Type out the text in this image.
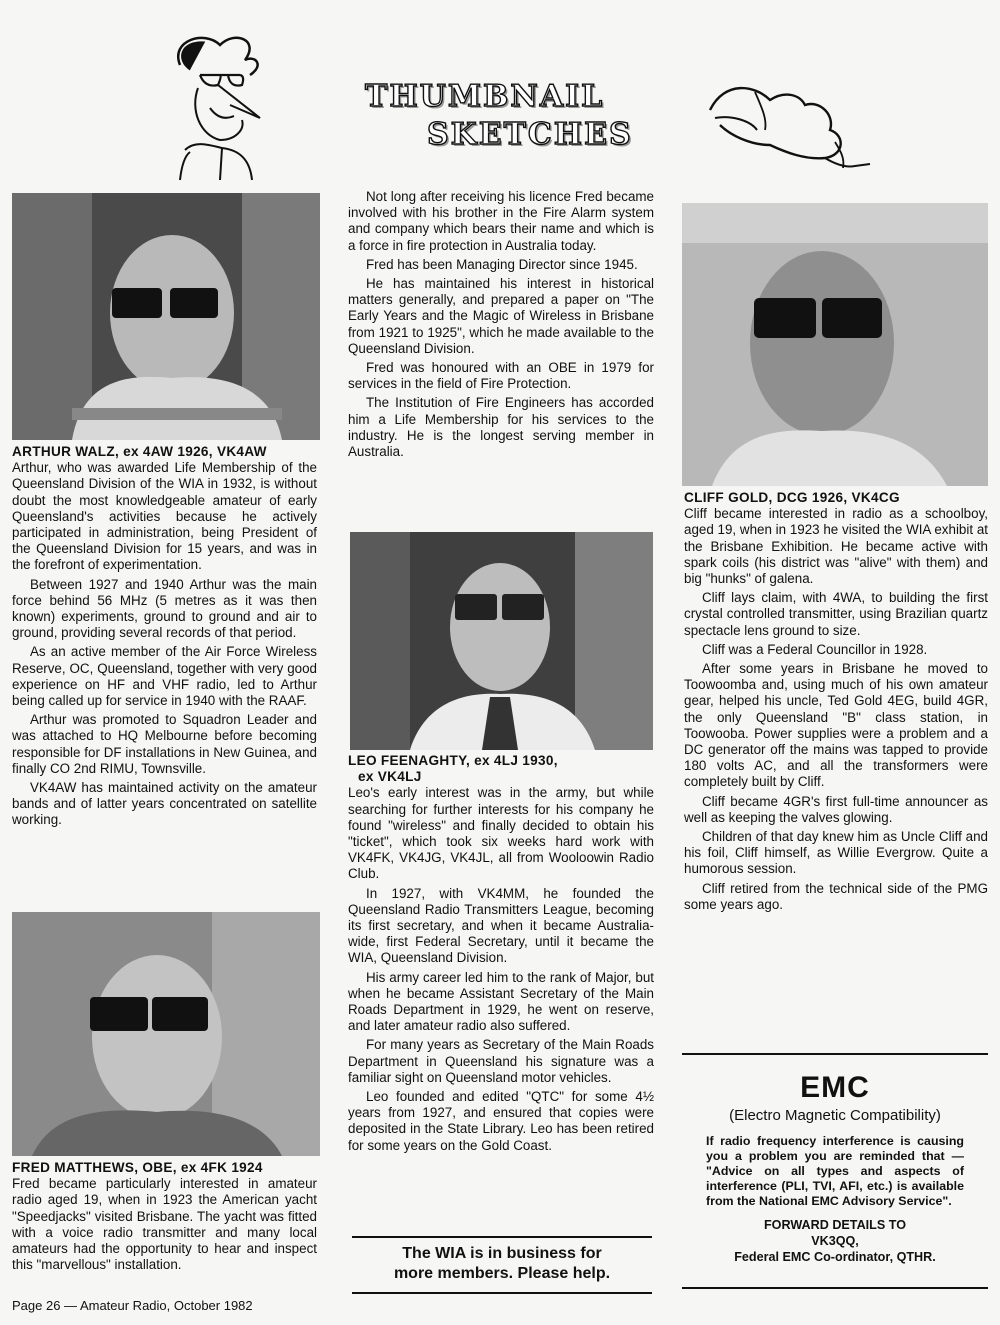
THUMBNAIL
SKETCHES

ARTHUR WALZ, ex 4AW 1926, VK4AW

Arthur, who was awarded Life Membership of the Queensland Division of the WIA in 1932, is without doubt the most knowledgeable amateur of early Queensland's activities because he actively participated in administration, being President of the Queensland Division for 15 years, and was in the forefront of experimentation.

Between 1927 and 1940 Arthur was the main force behind 56 MHz (5 metres as it was then known) experiments, ground to ground and air to ground, providing several records of that period.

As an active member of the Air Force Wireless Reserve, OC, Queensland, together with very good experience on HF and VHF radio, led to Arthur being called up for service in 1940 with the RAAF.

Arthur was promoted to Squadron Leader and was attached to HQ Melbourne before becoming responsible for DF installations in New Guinea, and finally CO 2nd RIMU, Townsville.

VK4AW has maintained activity on the amateur bands and of latter years concentrated on satellite working.

FRED MATTHEWS, OBE, ex 4FK 1924

Fred became particularly interested in amateur radio aged 19, when in 1923 the American yacht "Speedjacks" visited Brisbane. The yacht was fitted with a voice radio transmitter and many local amateurs had the opportunity to hear and inspect this "marvellous" installation.

Not long after receiving his licence Fred became involved with his brother in the Fire Alarm system and company which bears their name and which is a force in fire protection in Australia today.

Fred has been Managing Director since 1945.

He has maintained his interest in historical matters generally, and prepared a paper on "The Early Years and the Magic of Wireless in Brisbane from 1921 to 1925", which he made available to the Queensland Division.

Fred was honoured with an OBE in 1979 for services in the field of Fire Protection.

The Institution of Fire Engineers has accorded him a Life Membership for his services to the industry. He is the longest serving member in Australia.

LEO FEENAGHTY, ex 4LJ 1930,

ex VK4LJ

Leo's early interest was in the army, but while searching for further interests for his company he found "wireless" and finally decided to obtain his "ticket", which took six weeks hard work with VK4FK, VK4JG, VK4JL, all from Wooloowin Radio Club.

In 1927, with VK4MM, he founded the Queensland Radio Transmitters League, becoming its first secretary, and when it became Australia-wide, first Federal Secretary, until it became the WIA, Queensland Division.

His army career led him to the rank of Major, but when he became Assistant Secretary of the Main Roads Department in 1929, he went on reserve, and later amateur radio also suffered.

For many years as Secretary of the Main Roads Department in Queensland his signature was a familiar sight on Queensland motor vehicles.

Leo founded and edited "QTC" for some 4½ years from 1927, and ensured that copies were deposited in the State Library. Leo has been retired for some years on the Gold Coast.

The WIA is in business for
more members. Please help.

CLIFF GOLD, DCG 1926, VK4CG

Cliff became interested in radio as a schoolboy, aged 19, when in 1923 he visited the WIA exhibit at the Brisbane Exhibition. He became active with spark coils (his district was "alive" with them) and big "hunks" of galena.

Cliff lays claim, with 4WA, to building the first crystal controlled transmitter, using Brazilian quartz spectacle lens ground to size.

Cliff was a Federal Councillor in 1928.

After some years in Brisbane he moved to Toowoomba and, using much of his own amateur gear, helped his uncle, Ted Gold 4EG, build 4GR, the only Queensland "B" class station, in Toowooba. Power supplies were a problem and a DC generator off the mains was tapped to provide 180 volts AC, and all the transformers were completely built by Cliff.

Cliff became 4GR's first full-time announcer as well as keeping the valves glowing.

Children of that day knew him as Uncle Cliff and his foil, Cliff himself, as Willie Evergrow. Quite a humorous session.

Cliff retired from the technical side of the PMG some years ago.

EMC
(Electro Magnetic Compatibility)
If radio frequency interference is causing you a problem you are reminded that — "Advice on all types and aspects of interference (PLI, TVI, AFI, etc.) is available from the National EMC Advisory Service".
FORWARD DETAILS TO
VK3QQ,
Federal EMC Co-ordinator, QTHR.
Page 26 — Amateur Radio, October 1982
